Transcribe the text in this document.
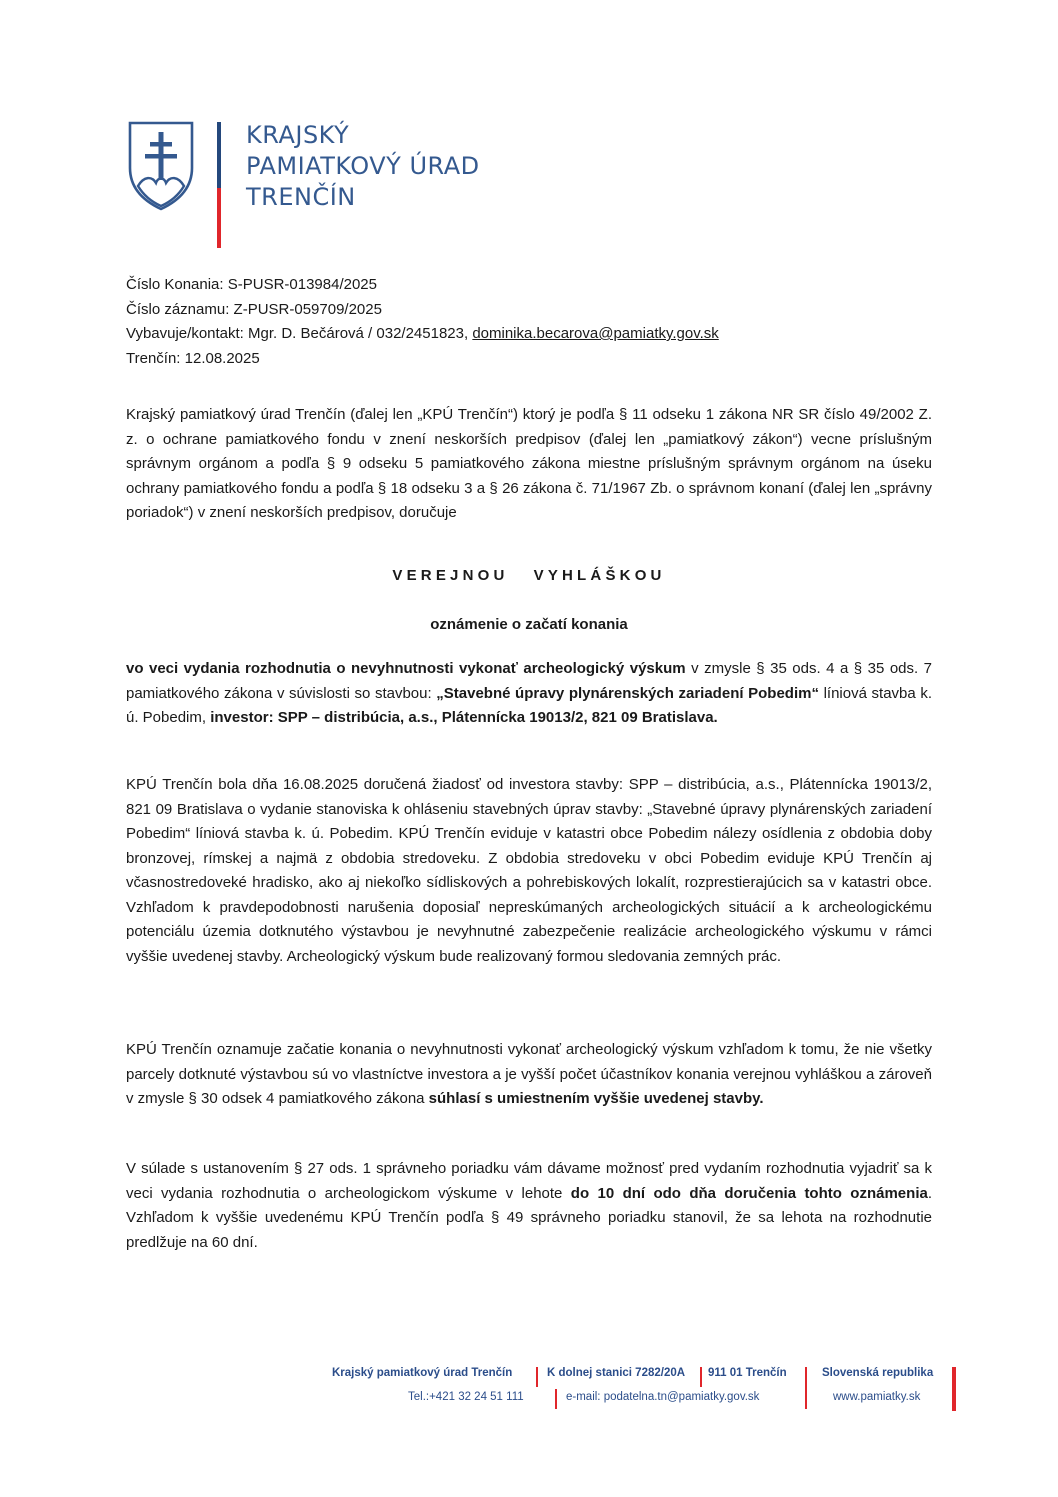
KRAJSKÝ
PAMIATKOVÝ ÚRAD
TRENČÍN
Číslo Konania: S-PUSR-013984/2025
Číslo záznamu: Z-PUSR-059709/2025
Vybavuje/kontakt: Mgr. D. Bečárová / 032/2451823, dominika.becarova@pamiatky.gov.sk
Trenčín: 12.08.2025

Krajský pamiatkový úrad Trenčín (ďalej len „KPÚ Trenčín“) ktorý je podľa § 11 odseku 1 zákona NR SR číslo 49/2002 Z. z. o ochrane pamiatkového fondu v znení neskorších predpisov (ďalej len „pamiatkový zákon“) vecne príslušným správnym orgánom a podľa § 9 odseku 5 pamiatkového zákona miestne príslušným správnym orgánom na úseku ochrany pamiatkového fondu a podľa § 18 odseku 3 a § 26 zákona č. 71/1967 Zb. o správnom konaní (ďalej len „správny poriadok“) v znení neskorších predpisov, doručuje

VEREJNOU   VYHLÁŠKOU
oznámenie o začatí konania

vo veci vydania rozhodnutia o nevyhnutnosti vykonať archeologický výskum v zmysle § 35 ods. 4 a § 35 ods. 7 pamiatkového zákona v súvislosti so stavbou: „Stavebné úpravy plynárenských zariadení Pobedim“ líniová stavba k. ú. Pobedim, investor: SPP – distribúcia, a.s., Plátennícka 19013/2, 821 09 Bratislava.

KPÚ Trenčín bola dňa 16.08.2025 doručená žiadosť od investora stavby: SPP – distribúcia, a.s., Plátennícka 19013/2, 821 09 Bratislava o vydanie stanoviska k ohláseniu stavebných úprav stavby: „Stavebné úpravy plynárenských zariadení Pobedim“ líniová stavba k. ú. Pobedim. KPÚ Trenčín eviduje v katastri obce Pobedim nálezy osídlenia z obdobia doby bronzovej, rímskej a najmä z obdobia stredoveku. Z obdobia stredoveku v obci Pobedim eviduje KPÚ Trenčín aj včasnostredoveké hradisko, ako aj niekoľko sídliskových a pohrebiskových lokalít, rozprestierajúcich sa v katastri obce. Vzhľadom k pravdepodobnosti narušenia doposiaľ nepreskúmaných archeologických situácií a k archeologickému potenciálu územia dotknutého výstavbou je nevyhnutné zabezpečenie realizácie archeologického výskumu v rámci vyššie uvedenej stavby. Archeologický výskum bude realizovaný formou sledovania zemných prác.

KPÚ Trenčín oznamuje začatie konania o nevyhnutnosti vykonať archeologický výskum vzhľadom k tomu, že nie všetky parcely dotknuté výstavbou sú vo vlastníctve investora a je vyšší počet účastníkov konania verejnou vyhláškou a zároveň v zmysle § 30 odsek 4 pamiatkového zákona súhlasí s umiestnením vyššie uvedenej stavby.

V súlade s ustanovením § 27 ods. 1 správneho poriadku vám dávame možnosť pred vydaním rozhodnutia vyjadriť sa k veci vydania rozhodnutia o archeologickom výskume v lehote do 10 dní odo dňa doručenia tohto oznámenia. Vzhľadom k vyššie uvedenému KPÚ Trenčín podľa § 49 správneho poriadku stanovil, že sa lehota na rozhodnutie predlžuje na 60 dní.

Krajský pamiatkový úrad Trenčín	K dolnej stanici 7282/20A 911 01 Trenčín	Slovenská republika
Tel.:+421 32 24 51 111	e-mail: podatelna.tn@pamiatky.gov.sk	www.pamiatky.sk
